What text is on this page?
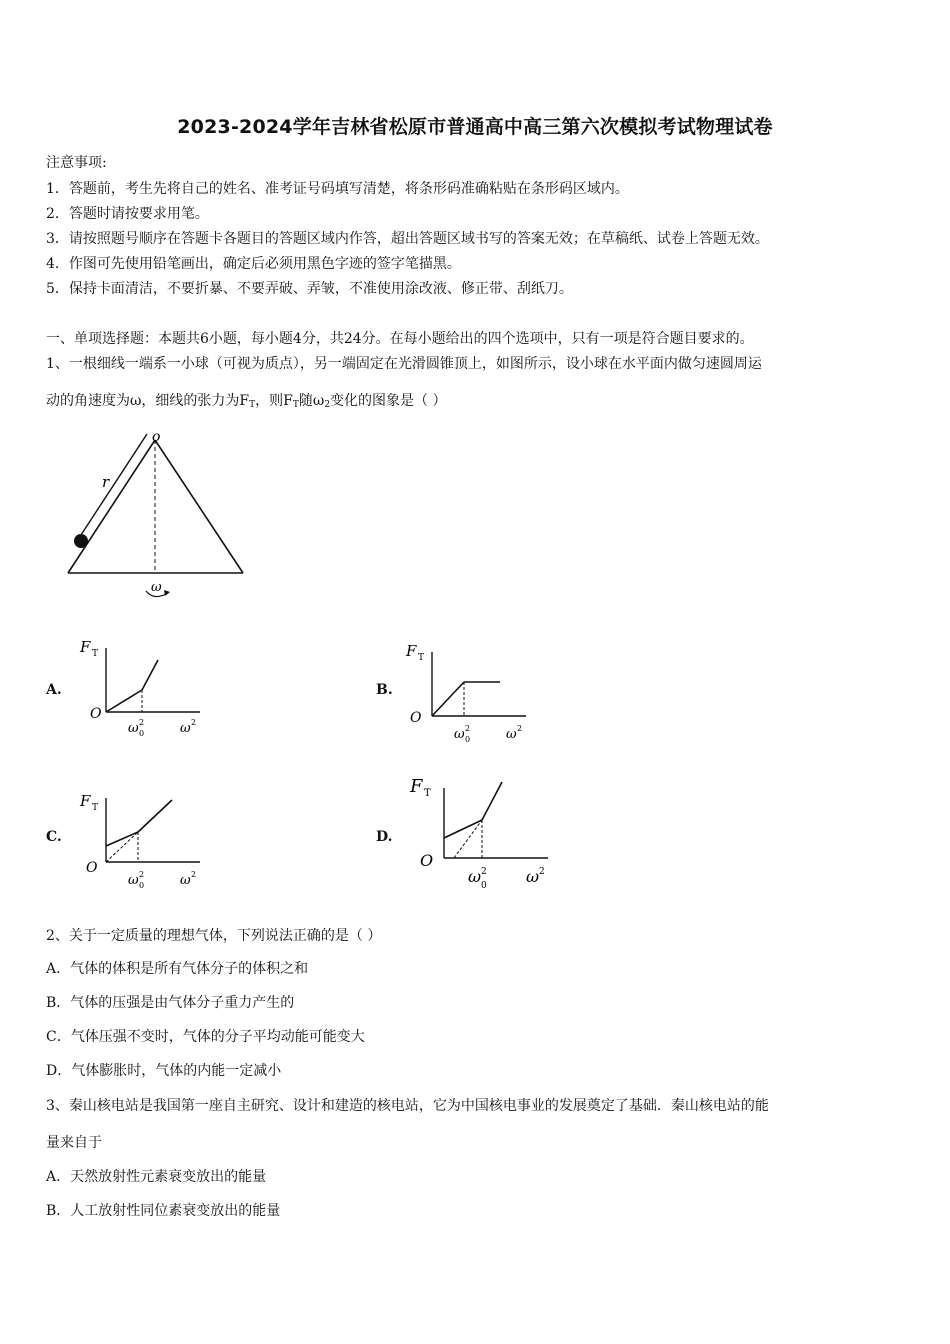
2023-2024学年吉林省松原市普通高中高三第六次模拟考试物理试卷
注意事项:
1．答题前，考生先将自己的姓名、准考证号码填写清楚，将条形码准确粘贴在条形码区域内。
2．答题时请按要求用笔。
3．请按照题号顺序在答题卡各题目的答题区域内作答，超出答题区域书写的答案无效；在草稿纸、试卷上答题无效。
4．作图可先使用铅笔画出，确定后必须用黑色字迹的签字笔描黑。
5．保持卡面清洁，不要折暴、不要弄破、弄皱，不准使用涂改液、修正带、刮纸刀。
一、单项选择题：本题共6小题，每小题4分，共24分。在每小题给出的四个选项中，只有一项是符合题目要求的。
1、一根细线一端系一小球（可视为质点），另一端固定在光滑圆锥顶上，如图所示，设小球在水平面内做匀速圆周运
动的角速度为ω，细线的张力为$F_T$，则$F_T$随$\omega_2$变化的图象是（ ）
o
r
ω
A.	B.
C.	D.
F T
O
ω 0
2	ω 2
F T
O
ω 0
2	ω 2
F T
O
ω 0
2	ω 2
F T
O
ω 0
2 ω 2
2、关于一定质量的理想气体，下列说法正确的是（ ）
A．气体的体积是所有气体分子的体积之和
B．气体的压强是由气体分子重力产生的
C．气体压强不变时，气体的分子平均动能可能变大
D．气体膨胀时，气体的内能一定减小
3、秦山核电站是我国第一座自主研究、设计和建造的核电站，它为中国核电事业的发展奠定了基础．秦山核电站的能
量来自于
A．天然放射性元素衰变放出的能量
B．人工放射性同位素衰变放出的能量
